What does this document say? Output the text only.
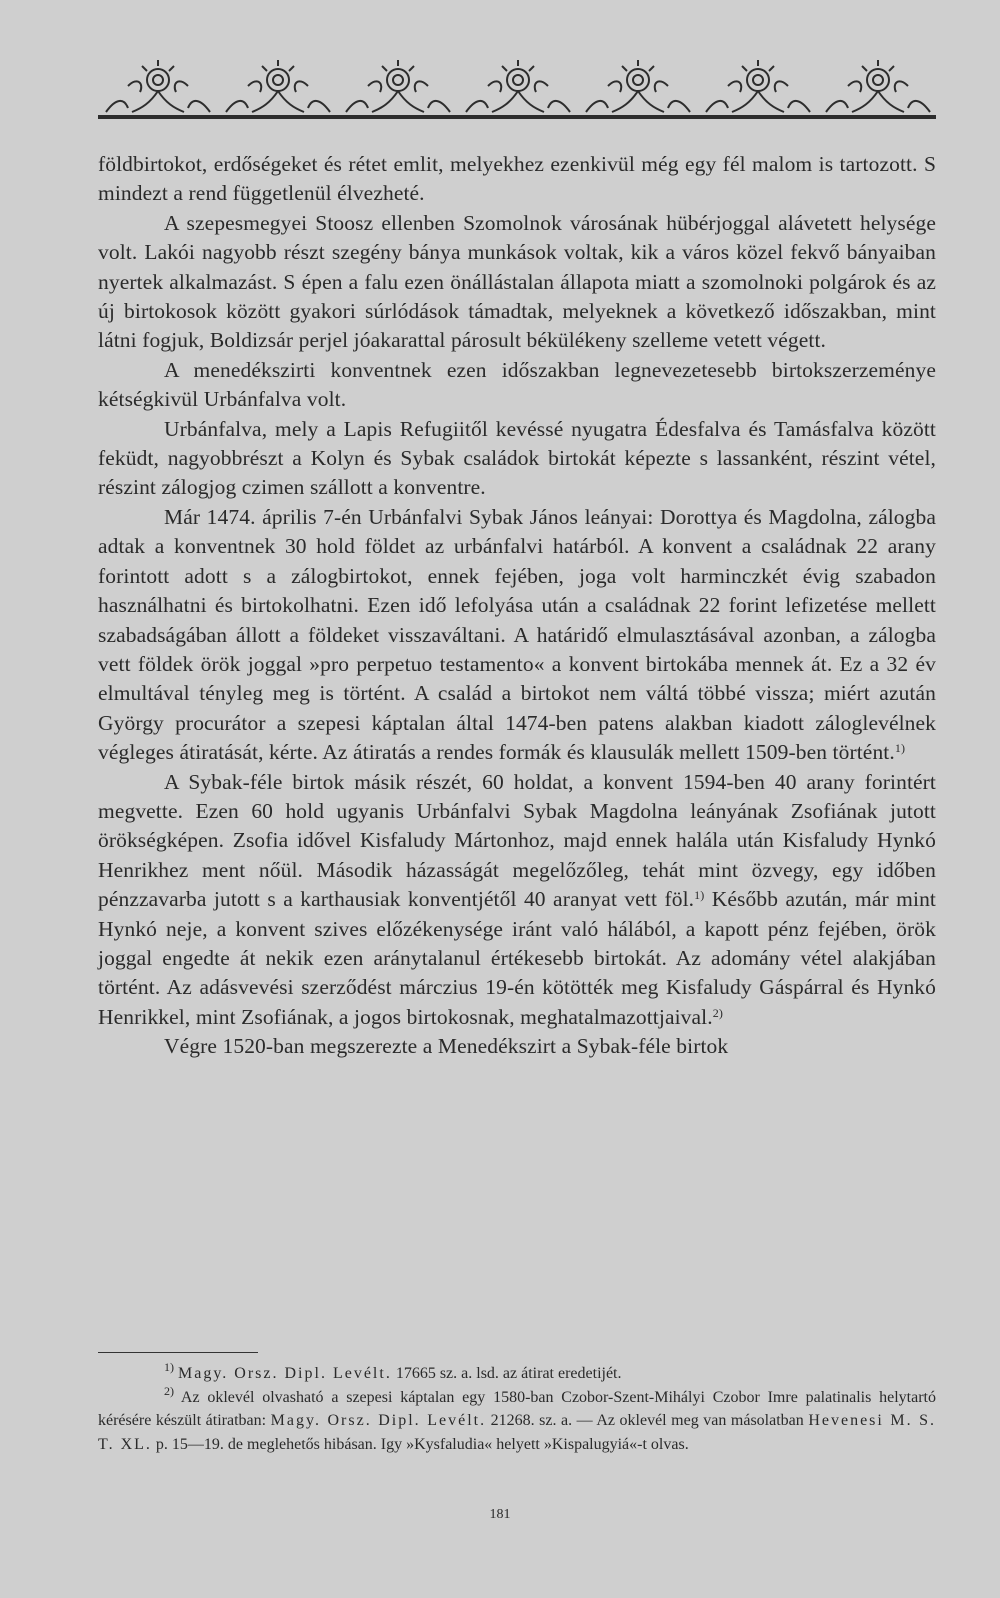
földbirtokot, erdőségeket és rétet emlit, melyekhez ezenkivül még egy fél malom is tartozott. S mindezt a rend függetlenül élvezheté.

A szepesmegyei Stoosz ellenben Szomolnok városának hübérjoggal alávetett helysége volt. Lakói nagyobb részt szegény bánya munkások voltak, kik a város közel fekvő bányaiban nyertek alkalmazást. S épen a falu ezen önállástalan állapota miatt a szomolnoki polgárok és az új birtokosok között gyakori súrlódások támadtak, melyeknek a következő időszakban, mint látni fogjuk, Boldizsár perjel jóakarattal párosult békülékeny szelleme vetett végett.

A menedékszirti konventnek ezen időszakban legnevezetesebb birtokszerzeménye kétségkivül Urbánfalva volt.

Urbánfalva, mely a Lapis Refugiitől kevéssé nyugatra Édesfalva és Tamásfalva között feküdt, nagyobbrészt a Kolyn és Sybak családok birtokát képezte s lassanként, részint vétel, részint zálogjog czimen szállott a konventre.

Már 1474. április 7-én Urbánfalvi Sybak János leányai: Dorottya és Magdolna, zálogba adtak a konventnek 30 hold földet az urbánfalvi határból. A konvent a családnak 22 arany forintott adott s a zálogbirtokot, ennek fejében, joga volt harminczkét évig szabadon használhatni és birtokolhatni. Ezen idő lefolyása után a családnak 22 forint lefizetése mellett szabadságában állott a földeket visszaváltani. A határidő elmulasztásával azonban, a zálogba vett földek örök joggal »pro perpetuo testamento« a konvent birtokába mennek át. Ez a 32 év elmultával tényleg meg is történt. A család a birtokot nem váltá többé vissza; miért azután György procurátor a szepesi káptalan által 1474-ben patens alakban kiadott záloglevélnek végleges átiratását, kérte. Az átiratás a rendes formák és klausulák mellett 1509-ben történt.$^{1)}$

A Sybak-féle birtok másik részét, 60 holdat, a konvent 1594-ben 40 arany forintért megvette. Ezen 60 hold ugyanis Urbánfalvi Sybak Magdolna leányának Zsofiának jutott örökségképen. Zsofia idővel Kisfaludy Mártonhoz, majd ennek halála után Kisfaludy Hynkó Henrikhez ment nőül. Második házasságát megelőzőleg, tehát mint özvegy, egy időben pénzzavarba jutott s a karthausiak konventjétől 40 aranyat vett föl.$^{1)}$ Később azután, már mint Hynkó neje, a konvent szives előzékenysége iránt való hálából, a kapott pénz fejében, örök joggal engedte át nekik ezen aránytalanul értékesebb birtokát. Az adomány vétel alakjában történt. Az adásvevési szerződést márczius 19-én kötötték meg Kisfaludy Gáspárral és Hynkó Henrikkel, mint Zsofiának, a jogos birtokosnak, meghatalmazottjaival.$^{2)}$

Végre 1520-ban megszerezte a Menedékszirt a Sybak-féle birtok

$^{1)}$ Magy. Orsz. Dipl. Levélt. 17665 sz. a. lsd. az átirat eredetijét.

$^{2)}$ Az oklevél olvasható a szepesi káptalan egy 1580-ban Czobor-Szent-Mihályi Czobor Imre palatinalis helytartó kérésére készült átiratban: Magy. Orsz. Dipl. Levélt. 21268. sz. a. — Az oklevél meg van másolatban Hevenesi M. S. T. XL. p. 15—19. de meglehetős hibásan. Igy »Kysfaludia« helyett »Kispalugyiá«-t olvas.

181
